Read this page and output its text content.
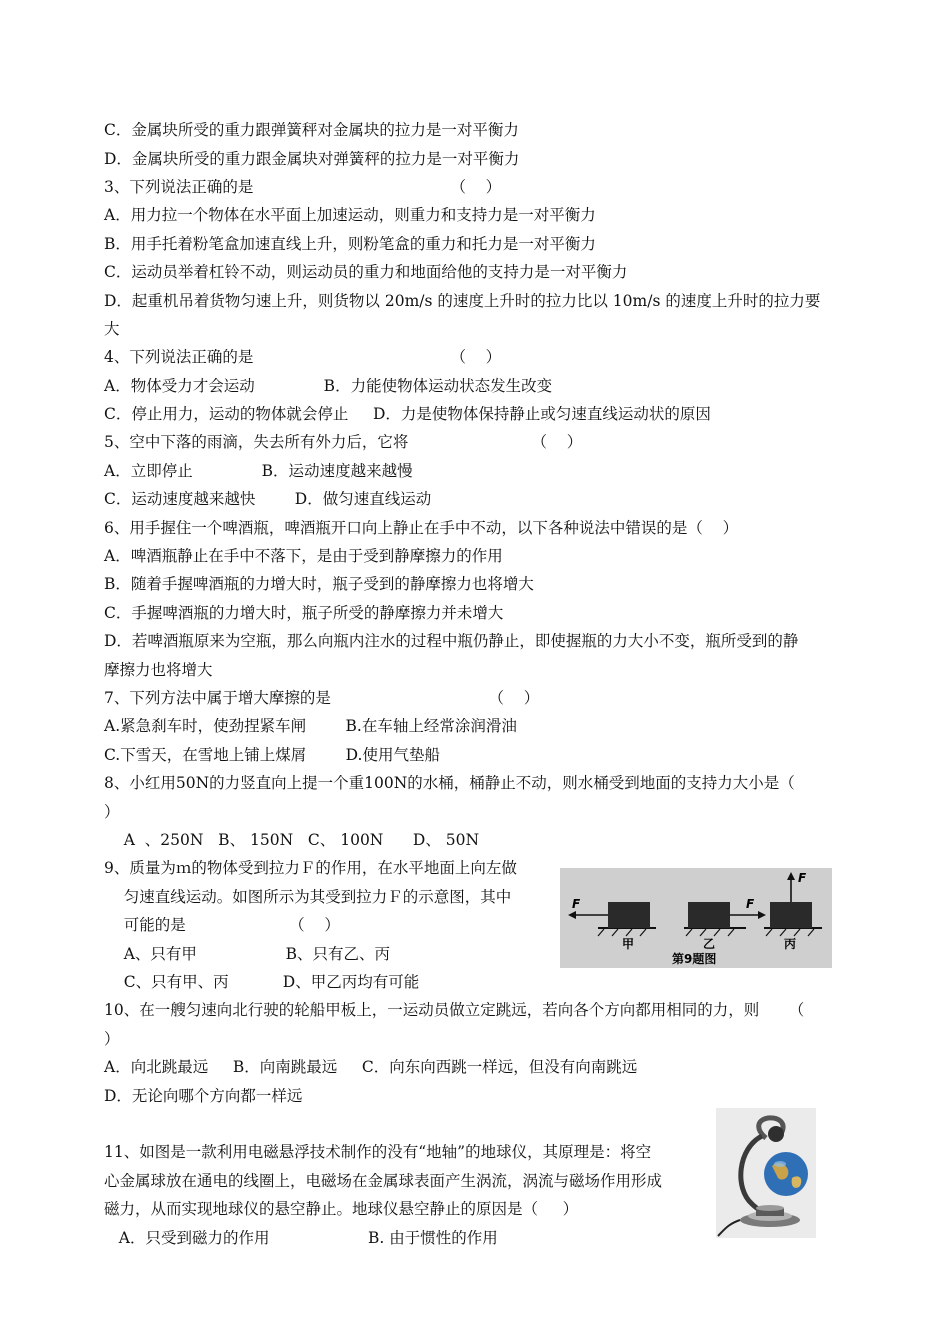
C．金属块所受的重力跟弹簧秤对金属块的拉力是一对平衡力
D．金属块所受的重力跟金属块对弹簧秤的拉力是一对平衡力
3、下列说法正确的是                                        （    ）
A．用力拉一个物体在水平面上加速运动，则重力和支持力是一对平衡力
B．用手托着粉笔盒加速直线上升，则粉笔盒的重力和托力是一对平衡力
C．运动员举着杠铃不动，则运动员的重力和地面给他的支持力是一对平衡力
D．起重机吊着货物匀速上升，则货物以 20m/s 的速度上升时的拉力比以 10m/s 的速度上升时的拉力要
大
4、下列说法正确的是                                        （    ）
A．物体受力才会运动              B．力能使物体运动状态发生改变
C．停止用力，运动的物体就会停止     D．力是使物体保持静止或匀速直线运动状的原因
5、空中下落的雨滴，失去所有外力后，它将                         （    ）
A．立即停止              B．运动速度越来越慢
C．运动速度越来越快        D．做匀速直线运动
6、用手握住一个啤酒瓶，啤酒瓶开口向上静止在手中不动，以下各种说法中错误的是（    ）
A．啤酒瓶静止在手中不落下，是由于受到静摩擦力的作用
B．随着手握啤酒瓶的力增大时，瓶子受到的静摩擦力也将增大
C．手握啤酒瓶的力增大时，瓶子所受的静摩擦力并未增大
D．若啤酒瓶原来为空瓶，那么向瓶内注水的过程中瓶仍静止，即使握瓶的力大小不变，瓶所受到的静
摩擦力也将增大
7、下列方法中属于增大摩擦的是                                （    ）
A.紧急刹车时，使劲捏紧车闸        B.在车轴上经常涂润滑油
C.下雪天，在雪地上铺上煤屑        D.使用气垫船
8、小红用50N的力竖直向上提一个重100N的水桶，桶静止不动，则水桶受到地面的支持力大小是（
）
A  、250N   B、 150N   C、 100N      D、 50N
9、质量为ｍ的物体受到拉力Ｆ的作用，在水平地面上向左做
匀速直线运动。如图所示为其受到拉力Ｆ的示意图，其中
可能的是                     （    ）
A、只有甲                  B、只有乙、丙
C、只有甲、丙           D、甲乙丙均有可能
10、在一艘匀速向北行驶的轮船甲板上，一运动员做立定跳远，若向各个方向都用相同的力，则      （
）
A．向北跳最远     B．向南跳最远     C．向东向西跳一样远，但没有向南跳远
D．无论向哪个方向都一样远
11、如图是一款利用电磁悬浮技术制作的没有“地轴”的地球仪，其原理是：将空
心金属球放在通电的线圈上，电磁场在金属球表面产生涡流，涡流与磁场作用形成
磁力，从而实现地球仪的悬空静止。地球仪悬空静止的原因是（     ）
A．只受到磁力的作用                    B. 由于惯性的作用
F	F
F
甲	乙	丙
第9题图
